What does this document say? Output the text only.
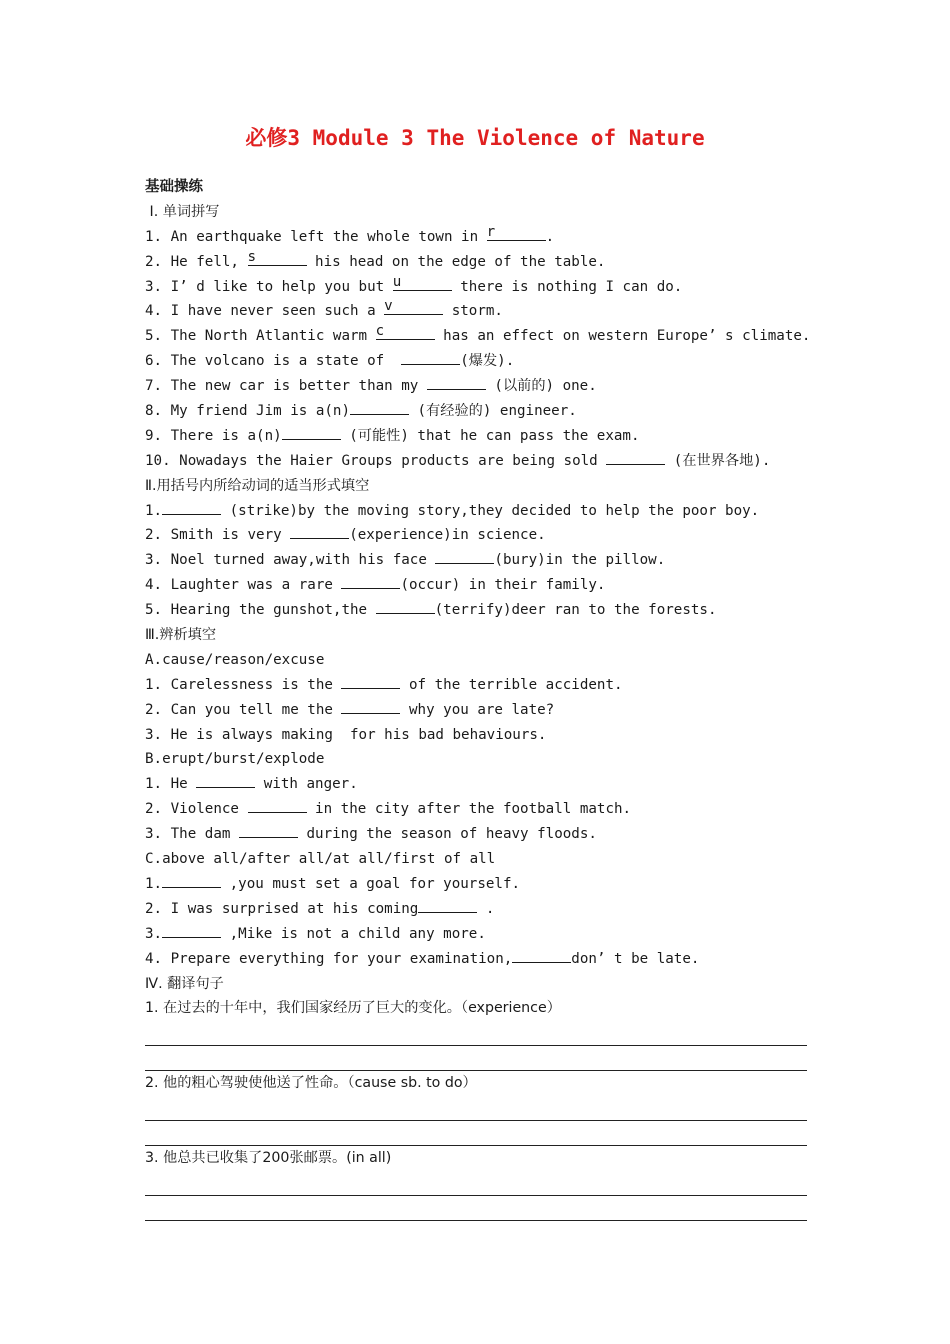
必修3 Module 3 The Violence of Nature
基础操练
Ⅰ. 单词拼写
1. An earthquake left the whole town in r	.
2. He fell, s	his head on the edge of the table.
3. I’ d like to help you but u	there is nothing I can do.
4. I have never seen such a v	storm.
5. The North Atlantic warm c	has an effect on western Europe’ s climate.
6. The volcano is a state of	(爆发).
7. The new car is better than my	(以前的) one.
8. My friend Jim is a(n)	(有经验的) engineer.
9. There is a(n)	(可能性) that he can pass the exam.
10. Nowadays the Haier Groups products are being sold	(在世界各地).
Ⅱ.用括号内所给动词的适当形式填空
1.	(strike)by the moving story,they decided to help the poor boy.
2. Smith is very	(experience)in science.
3. Noel turned away,with his face	(bury)in the pillow.
4. Laughter was a rare	(occur) in their family.
5. Hearing the gunshot,the	(terrify)deer ran to the forests.
Ⅲ.辨析填空
A.cause/reason/excuse
1. Carelessness is the	of the terrible accident.
2. Can you tell me the	why you are late?
3. He is always making  for his bad behaviours.
B.erupt/burst/explode
1. He	with anger.
2. Violence	in the city after the football match.
3. The dam	during the season of heavy floods.
C.above all/after all/at all/first of all
1.	,you must set a goal for yourself.
2. I was surprised at his coming	.
3.	,Mike is not a child any more.
4. Prepare everything for your examination,	don’ t be late.
Ⅳ. 翻译句子
1. 在过去的十年中，我们国家经历了巨大的变化。（experience）
2. 他的粗心驾驶使他送了性命。（cause sb. to do）
3. 他总共已收集了200张邮票。(in all)
